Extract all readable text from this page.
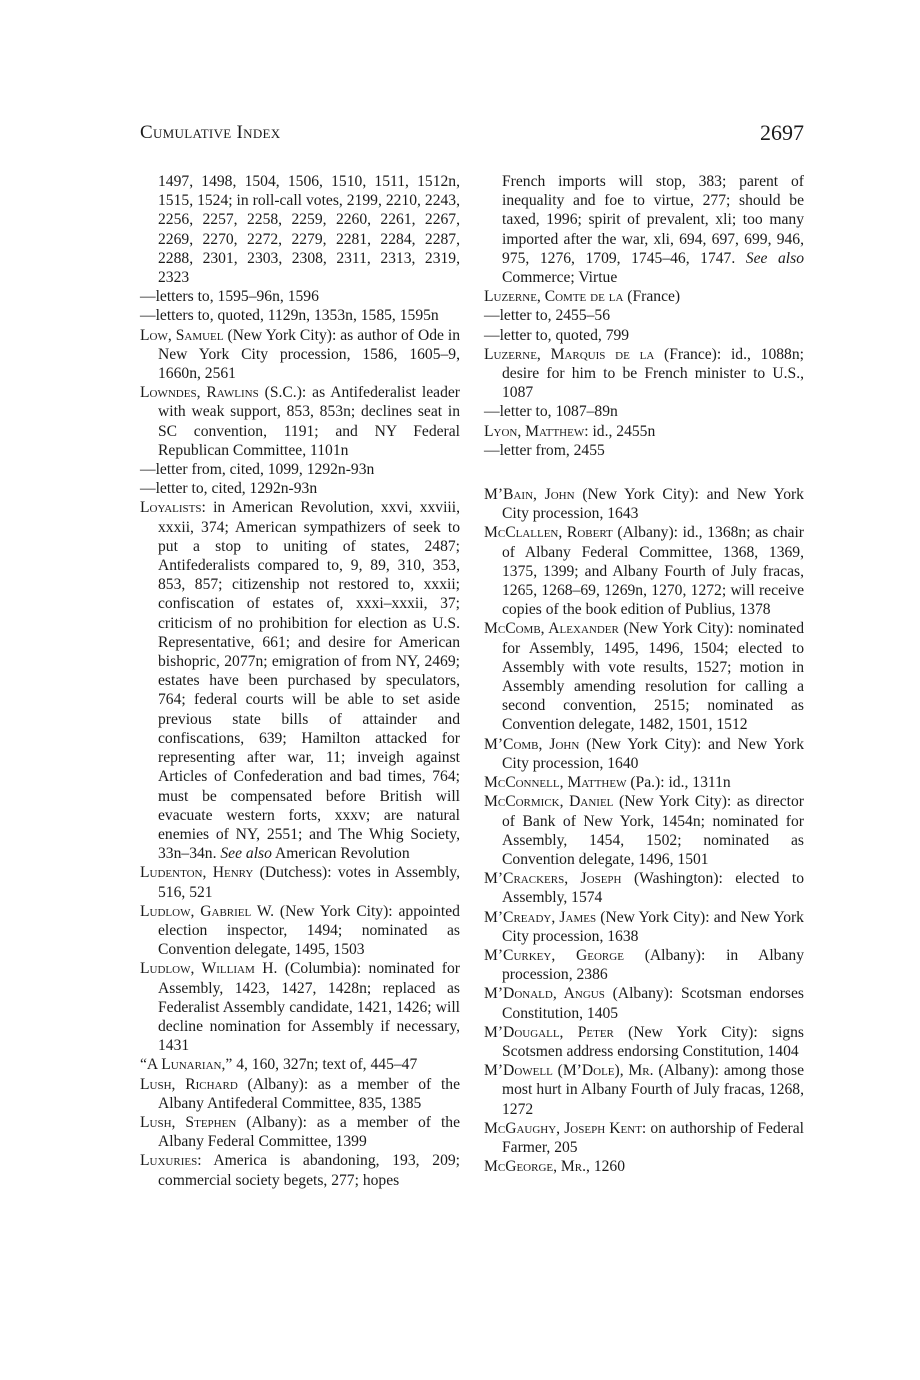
Cumulative Index	2697
1497, 1498, 1504, 1506, 1510, 1511, 1512n, 1515, 1524; in roll-call votes, 2199, 2210, 2243, 2256, 2257, 2258, 2259, 2260, 2261, 2267, 2269, 2270, 2272, 2279, 2281, 2284, 2287, 2288, 2301, 2303, 2308, 2311, 2313, 2319, 2323
—letters to, 1595–96n, 1596
—letters to, quoted, 1129n, 1353n, 1585, 1595n
Low, Samuel (New York City): as author of Ode in New York City procession, 1586, 1605–9, 1660n, 2561
Lowndes, Rawlins (S.C.): as Antifederalist leader with weak support, 853, 853n; declines seat in SC convention, 1191; and NY Federal Republican Committee, 1101n
—letter from, cited, 1099, 1292n-93n
—letter to, cited, 1292n-93n
Loyalists: in American Revolution, xxvi, xxviii, xxxii, 374; American sympathizers of seek to put a stop to uniting of states, 2487; Antifederalists compared to, 9, 89, 310, 353, 853, 857; citizenship not restored to, xxxii; confiscation of estates of, xxxi–xxxii, 37; criticism of no prohibition for election as U.S. Representative, 661; and desire for American bishopric, 2077n; emigration of from NY, 2469; estates have been purchased by speculators, 764; federal courts will be able to set aside previous state bills of attainder and confiscations, 639; Hamilton attacked for representing after war, 11; inveigh against Articles of Confederation and bad times, 764; must be compensated before British will evacuate western forts, xxxv; are natural enemies of NY, 2551; and The Whig Society, 33n–34n. See also American Revolution
Ludenton, Henry (Dutchess): votes in Assembly, 516, 521
Ludlow, Gabriel W. (New York City): appointed election inspector, 1494; nominated as Convention delegate, 1495, 1503
Ludlow, William H. (Columbia): nominated for Assembly, 1423, 1427, 1428n; replaced as Federalist Assembly candidate, 1421, 1426; will decline nomination for Assembly if necessary, 1431
“A Lunarian,” 4, 160, 327n; text of, 445–47
Lush, Richard (Albany): as a member of the Albany Antifederal Committee, 835, 1385
Lush, Stephen (Albany): as a member of the Albany Federal Committee, 1399
Luxuries: America is abandoning, 193, 209; commercial society begets, 277; hopes
French imports will stop, 383; parent of inequality and foe to virtue, 277; should be taxed, 1996; spirit of prevalent, xli; too many imported after the war, xli, 694, 697, 699, 946, 975, 1276, 1709, 1745–46, 1747. See also Commerce; Virtue
Luzerne, Comte de la (France)
—letter to, 2455–56
—letter to, quoted, 799
Luzerne, Marquis de la (France): id., 1088n; desire for him to be French minister to U.S., 1087
—letter to, 1087–89n
Lyon, Matthew: id., 2455n
—letter from, 2455
M’Bain, John (New York City): and New York City procession, 1643
McClallen, Robert (Albany): id., 1368n; as chair of Albany Federal Committee, 1368, 1369, 1375, 1399; and Albany Fourth of July fracas, 1265, 1268–69, 1269n, 1270, 1272; will receive copies of the book edition of Publius, 1378
McComb, Alexander (New York City): nominated for Assembly, 1495, 1496, 1504; elected to Assembly with vote results, 1527; motion in Assembly amending resolution for calling a second convention, 2515; nominated as Convention delegate, 1482, 1501, 1512
M’Comb, John (New York City): and New York City procession, 1640
McConnell, Matthew (Pa.): id., 1311n
McCormick, Daniel (New York City): as director of Bank of New York, 1454n; nominated for Assembly, 1454, 1502; nominated as Convention delegate, 1496, 1501
M’Crackers, Joseph (Washington): elected to Assembly, 1574
M’Cready, James (New York City): and New York City procession, 1638
M’Curkey, George (Albany): in Albany procession, 2386
M’Donald, Angus (Albany): Scotsman endorses Constitution, 1405
M’Dougall, Peter (New York City): signs Scotsmen address endorsing Constitution, 1404
M’Dowell (M’Dole), Mr. (Albany): among those most hurt in Albany Fourth of July fracas, 1268, 1272
McGaughy, Joseph Kent: on authorship of Federal Farmer, 205
McGeorge, Mr., 1260
